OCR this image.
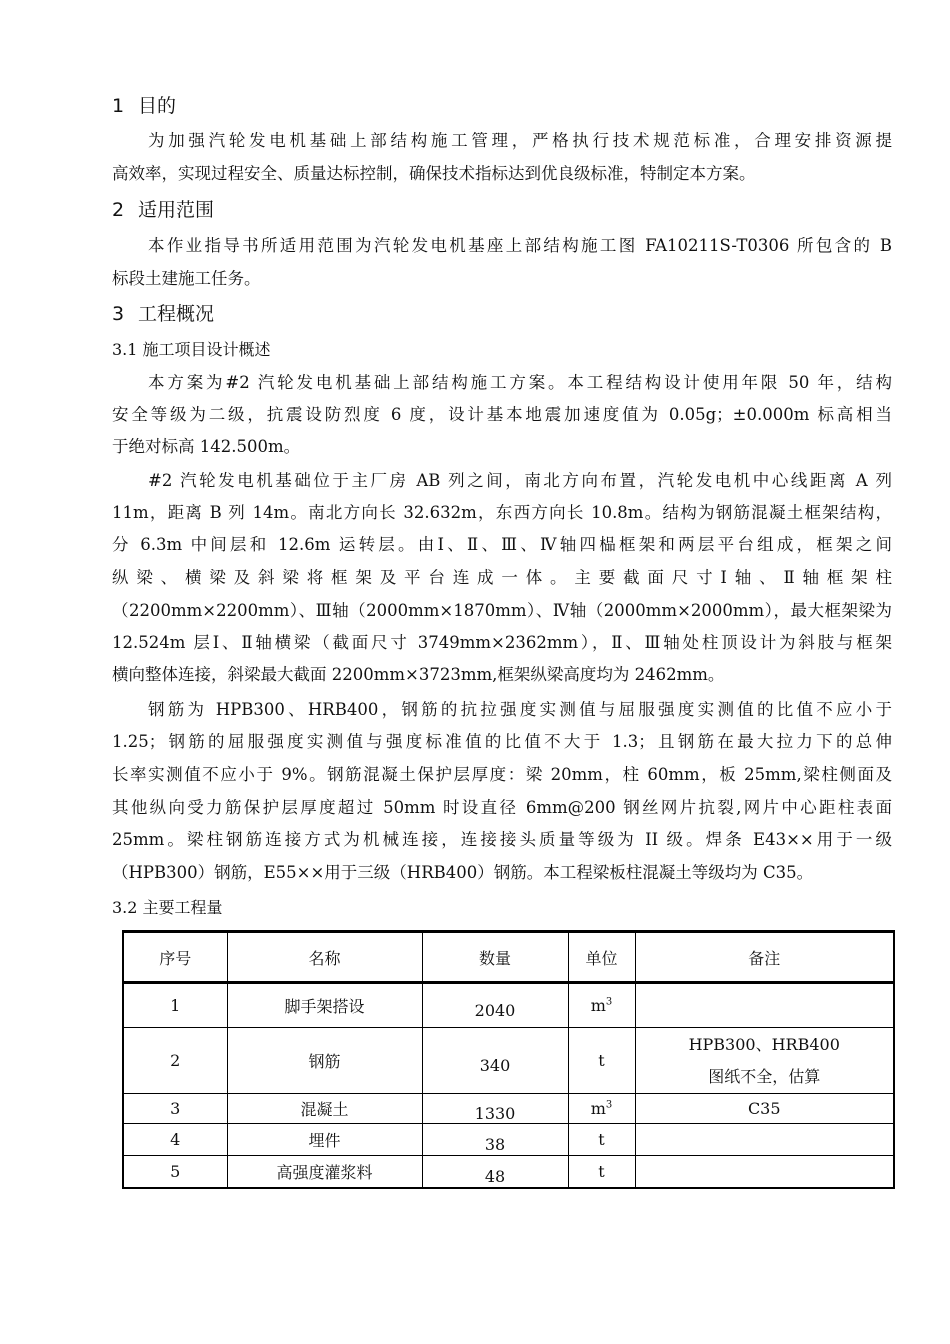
1 目的
为加强汽轮发电机基础上部结构施工管理，严格执行技术规范标准，合理安排资源提
高效率，实现过程安全、质量达标控制，确保技术指标达到优良级标准，特制定本方案。
2 适用范围
本作业指导书所适用范围为汽轮发电机基座上部结构施工图 FA10211S-T0306 所包含的 B
标段土建施工任务。
3 工程概况
3.1 施工项目设计概述
本方案为#2 汽轮发电机基础上部结构施工方案。本工程结构设计使用年限 50 年，结构
安全等级为二级，抗震设防烈度 6 度，设计基本地震加速度值为 0.05g；±0.000m 标高相当
于绝对标高 142.500m。
#2 汽轮发电机基础位于主厂房 AB 列之间，南北方向布置，汽轮发电机中心线距离 A 列
11m，距离 B 列 14m。南北方向长 32.632m，东西方向长 10.8m。结构为钢筋混凝土框架结构，
分 6.3m 中间层和 12.6m 运转层。由Ⅰ、Ⅱ、Ⅲ、Ⅳ轴四榀框架和两层平台组成，框架之间
纵梁、横梁及斜梁将框架及平台连成一体。主要截面尺寸Ⅰ轴、Ⅱ轴框架柱
（2200mm×2200mm）、Ⅲ轴（2000mm×1870mm）、Ⅳ轴（2000mm×2000mm），最大框架梁为
12.524m 层Ⅰ、Ⅱ轴横梁（截面尺寸 3749mm×2362mm），Ⅱ、Ⅲ轴处柱顶设计为斜肢与框架
横向整体连接，斜梁最大截面 2200mm×3723mm,框架纵梁高度均为 2462mm。
钢筋为 HPB300、HRB400，钢筋的抗拉强度实测值与屈服强度实测值的比值不应小于
1.25；钢筋的屈服强度实测值与强度标准值的比值不大于 1.3；且钢筋在最大拉力下的总伸
长率实测值不应小于 9%。钢筋混凝土保护层厚度：梁 20mm，柱 60mm，板 25mm,梁柱侧面及
其他纵向受力筋保护层厚度超过 50mm 时设直径 6mm@200 钢丝网片抗裂,网片中心距柱表面
25mm。梁柱钢筋连接方式为机械连接，连接接头质量等级为 II 级。焊条 E43××用于一级
（HPB300）钢筋，E55××用于三级（HRB400）钢筋。本工程梁板柱混凝土等级均为 C35。
3.2 主要工程量
序号	名称	数量	单位	备注
1	脚手架搭设	2040	$m^3$	
2	钢筋	340	t	HPB300、HRB400
图纸不全，估算

3	混凝土	1330	$m^3$	C35
4	埋件	38	t	
5	高强度灌浆料	48	t	
